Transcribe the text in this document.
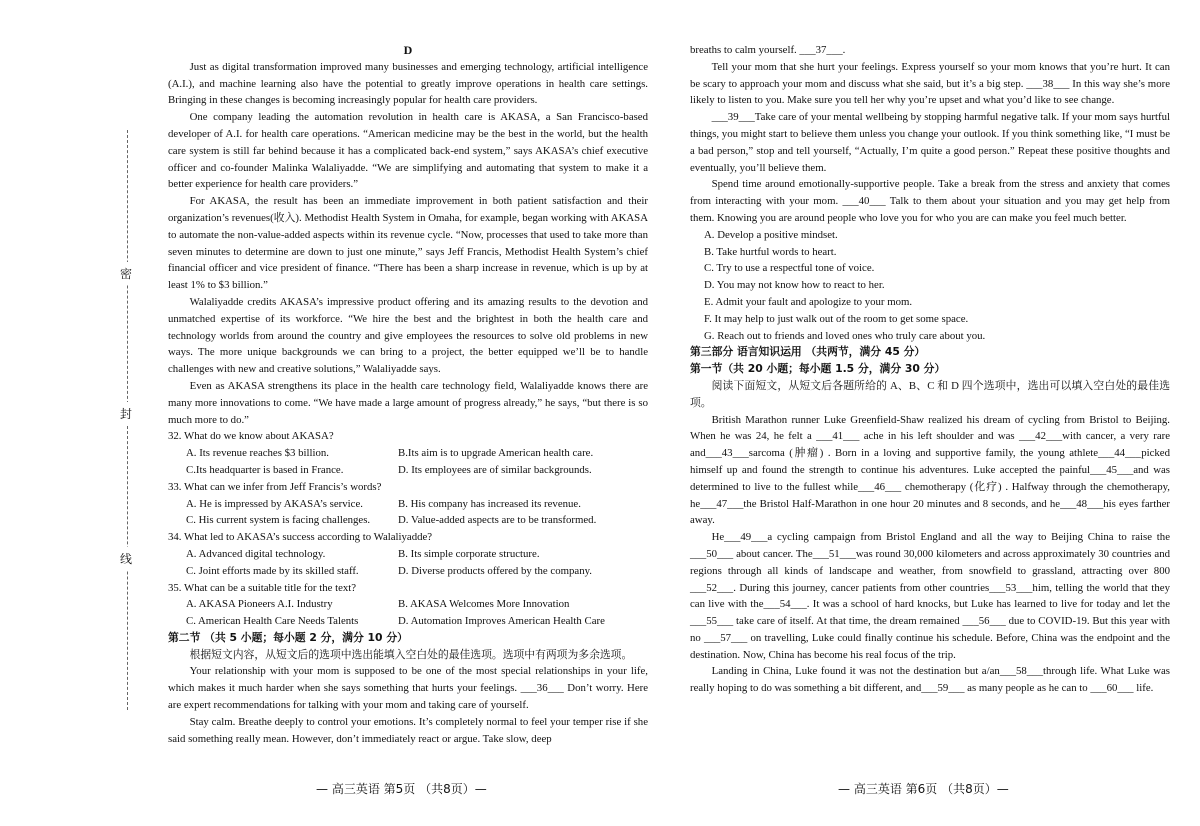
密
封
线

D

Just as digital transformation improved many businesses and emerging technology, artificial intelligence (A.I.), and machine learning also have the potential to greatly improve operations in health care settings. Bringing in these changes is becoming increasingly popular for health care providers.

One company leading the automation revolution in health care is AKASA, a San Francisco-based developer of A.I. for health care operations. “American medicine may be the best in the world, but the health care system is still far behind because it has a complicated back-end system,” says AKASA’s chief executive officer and co-founder Malinka Walaliyadde. “We are simplifying and automating that system to make it a better experience for health care providers.”

For AKASA, the result has been an immediate improvement in both patient satisfaction and their organization’s revenues(收入). Methodist Health System in Omaha, for example, began working with AKASA to automate the non-value-added aspects within its revenue cycle. “Now, processes that used to take more than seven minutes to determine are down to just one minute,” says Jeff Francis, Methodist Health System’s chief financial officer and vice president of finance. “There has been a sharp increase in revenue, which is up by at least 1% to $3 billion.”

Walaliyadde credits AKASA’s impressive product offering and its amazing results to the devotion and unmatched expertise of its workforce. “We hire the best and the brightest in both the health care and technology worlds from around the country and give employees the resources to solve old problems in new ways. The more unique backgrounds we can bring to a project, the better equipped we’ll be to handle challenges with new and creative solutions,” Walaliyadde says.

Even as AKASA strengthens its place in the health care technology field, Walaliyadde knows there are many more innovations to come. “We have made a large amount of progress already,” he says, “but there is so much more to do.”

32. What do we know about AKASA?

A. Its revenue reaches $3 billion.	B.Its aim is to upgrade American health care.
C.Its headquarter is based in France.	D. Its employees are of similar backgrounds.

33. What can we infer from Jeff Francis’s words?

A. He is impressed by AKASA’s service.	B. His company has increased its revenue.
C. His current system is facing challenges.	D. Value-added aspects are to be transformed.

34. What led to AKASA’s success according to Walaliyadde?

A. Advanced digital technology.	B. Its simple corporate structure.
C. Joint efforts made by its skilled staff.	D. Diverse products offered by the company.

35. What can be a suitable title for the text?

A. AKASA Pioneers A.I. Industry	B. AKASA Welcomes More Innovation
C. American Health Care Needs Talents	D. Automation Improves American Health Care

第二节 （共 5 小题；每小题 2 分，满分 10 分）

根据短文内容，从短文后的选项中选出能填入空白处的最佳选项。选项中有两项为多余选项。

Your relationship with your mom is supposed to be one of the most special relationships in your life, which makes it much harder when she says something that hurts your feelings. ___36___ Don’t worry. Here are expert recommendations for talking with your mom and taking care of yourself.

Stay calm. Breathe deeply to control your emotions. It’s completely normal to feel your temper rise if she said something really mean. However, don’t immediately react or argue. Take slow, deep

breaths to calm yourself. ___37___.

Tell your mom that she hurt your feelings. Express yourself so your mom knows that you’re hurt. It can be scary to approach your mom and discuss what she said, but it’s a big step. ___38___ In this way she’s more likely to listen to you. Make sure you tell her why you’re upset and what you’d like to see change.

___39___Take care of your mental wellbeing by stopping harmful negative talk. If your mom says hurtful things, you might start to believe them unless you change your outlook. If you think something like, “I must be a bad person,” stop and tell yourself, “Actually, I’m quite a good person.” Repeat these positive thoughts and eventually, you’ll believe them.

Spend time around emotionally-supportive people. Take a break from the stress and anxiety that comes from interacting with your mom. ___40___ Talk to them about your situation and you may get help from them. Knowing you are around people who love you for who you are can make you feel much better.

A. Develop a positive mindset.

B. Take hurtful words to heart.

C. Try to use a respectful tone of voice.

D. You may not know how to react to her.

E. Admit your fault and apologize to your mom.

F. It may help to just walk out of the room to get some space.

G. Reach out to friends and loved ones who truly care about you.

第三部分 语言知识运用 （共两节，满分 45 分）

第一节（共 20 小题；每小题 1.5 分，满分 30 分）

阅读下面短文，从短文后各题所给的 A、B、C 和 D 四个选项中，选出可以填入空白处的最佳选项。

British Marathon runner Luke Greenfield-Shaw realized his dream of cycling from Bristol to Beijing. When he was 24, he felt a ___41___ ache in his left shoulder and was ___42___with cancer, a very rare and___43___sarcoma (肿瘤) . Born in a loving and supportive family, the young athlete___44___picked himself up and found the strength to continue his adventures. Luke accepted the painful___45___and was determined to live to the fullest while___46___ chemotherapy (化疗) . Halfway through the chemotherapy, he___47___the Bristol Half-Marathon in one hour 20 minutes and 8 seconds, and he___48___his eyes farther away.

He___49___a cycling campaign from Bristol England and all the way to Beijing China to raise the ___50___ about cancer. The___51___was round 30,000 kilometers and across approximately 30 countries and regions through all kinds of landscape and weather, from snowfield to grassland, attracting over 800 ___52___. During this journey, cancer patients from other countries___53___him, telling the world that they can live with the___54___. It was a school of hard knocks, but Luke has learned to live for today and let the ___55___ take care of itself. At that time, the dream remained ___56___ due to COVID-19. But this year with no ___57___ on travelling, Luke could finally continue his schedule. Before, China was the endpoint and the destination. Now, China has become his real focus of the trip.

Landing in China, Luke found it was not the destination but a/an___58___through life. What Luke was really hoping to do was something a bit different, and___59___ as many people as he can to ___60___ life.

— 高三英语 第5页 （共8页）—	— 高三英语 第6页 （共8页）—
